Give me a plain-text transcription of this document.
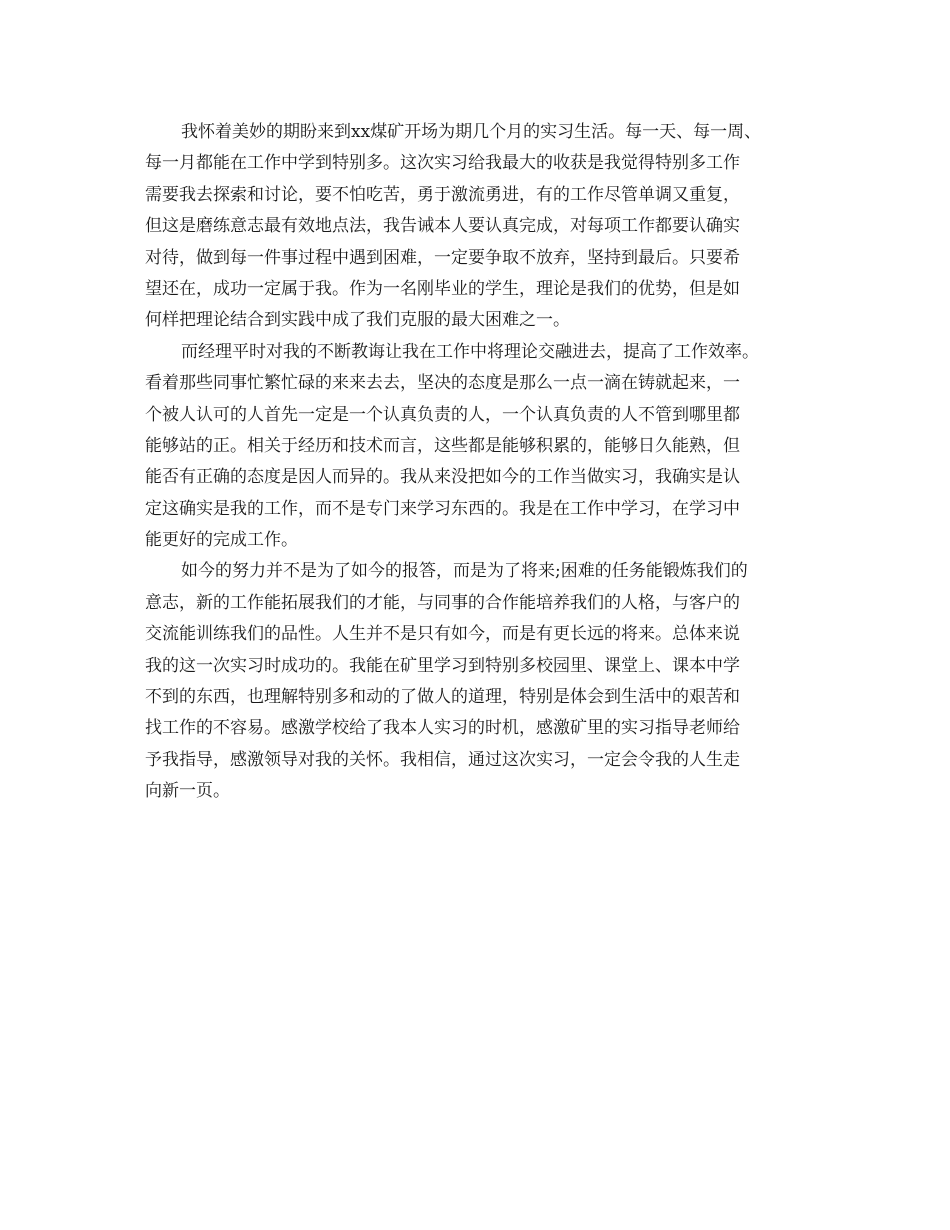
我怀着美妙的期盼来到xx煤矿开场为期几个月的实习生活。每一天、每一周、
每一月都能在工作中学到特别多。这次实习给我最大的收获是我觉得特别多工作
需要我去探索和讨论，要不怕吃苦，勇于激流勇进，有的工作尽管单调又重复，
但这是磨练意志最有效地点法，我告诫本人要认真完成，对每项工作都要认确实
对待，做到每一件事过程中遇到困难，一定要争取不放弃，坚持到最后。只要希
望还在，成功一定属于我。作为一名刚毕业的学生，理论是我们的优势，但是如
何样把理论结合到实践中成了我们克服的最大困难之一。
而经理平时对我的不断教诲让我在工作中将理论交融进去，提高了工作效率。
看着那些同事忙繁忙碌的来来去去，坚决的态度是那么一点一滴在铸就起来，一
个被人认可的人首先一定是一个认真负责的人，一个认真负责的人不管到哪里都
能够站的正。相关于经历和技术而言，这些都是能够积累的，能够日久能熟，但
能否有正确的态度是因人而异的。我从来没把如今的工作当做实习，我确实是认
定这确实是我的工作，而不是专门来学习东西的。我是在工作中学习，在学习中
能更好的完成工作。
如今的努力并不是为了如今的报答，而是为了将来;困难的任务能锻炼我们的
意志，新的工作能拓展我们的才能，与同事的合作能培养我们的人格，与客户的
交流能训练我们的品性。人生并不是只有如今，而是有更长远的将来。总体来说
我的这一次实习时成功的。我能在矿里学习到特别多校园里、课堂上、课本中学
不到的东西，也理解特别多和动的了做人的道理，特别是体会到生活中的艰苦和
找工作的不容易。感激学校给了我本人实习的时机，感激矿里的实习指导老师给
予我指导，感激领导对我的关怀。我相信，通过这次实习，一定会令我的人生走
向新一页。
